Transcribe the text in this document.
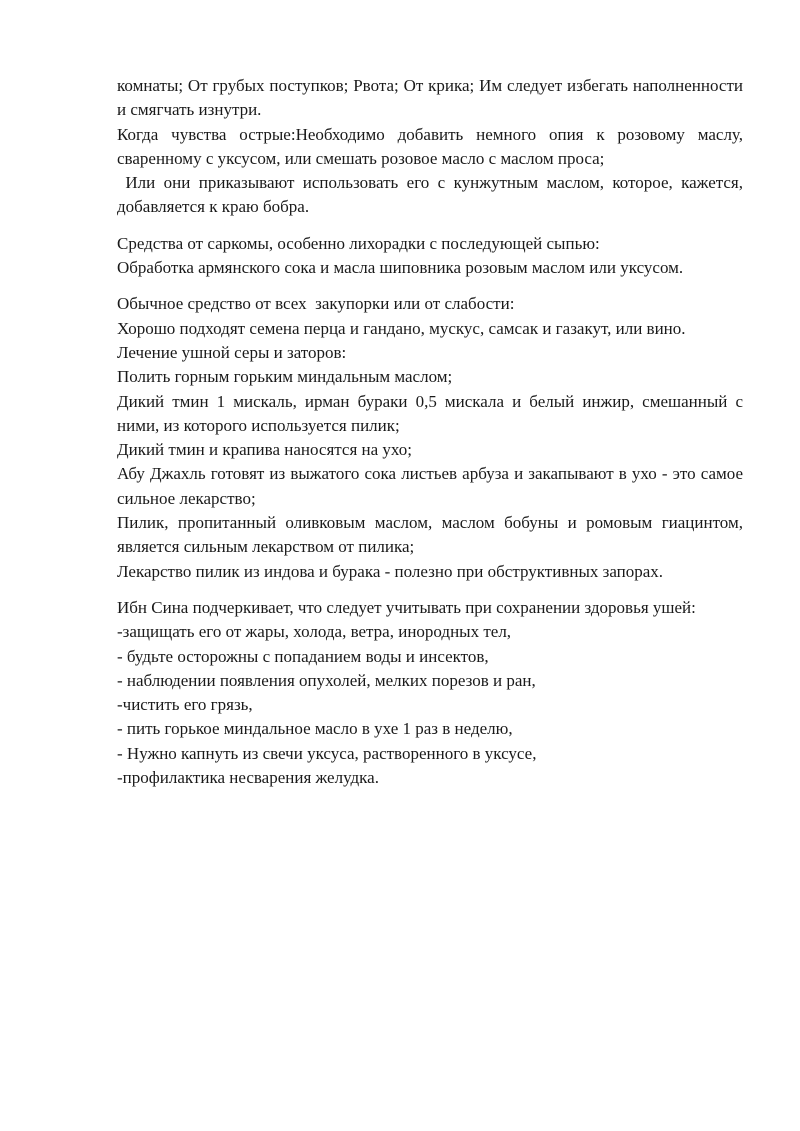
комнаты; От грубых поступков; Рвота; От крика; Им следует избегать наполненности и смягчать изнутри.

Когда чувства острые:Необходимо добавить немного опия к розовому маслу, сваренному с уксусом, или смешать розовое масло с маслом проса;

Или они приказывают использовать его с кунжутным маслом, которое, кажется, добавляется к краю бобра.

Средства от саркомы, особенно лихорадки с последующей сыпью:

Обработка армянского сока и масла шиповника розовым маслом или уксусом.

Обычное средство от всех  закупорки или от слабости:

Хорошо подходят семена перца и гандано, мускус, самсак и газакут, или вино.

Лечение ушной серы и заторов:

Полить горным горьким миндальным маслом;

Дикий тмин 1 мискаль, ирман бураки 0,5 мискала и белый инжир, смешанный с ними, из которого используется пилик;

Дикий тмин и крапива наносятся на ухо;

Абу Джахль готовят из выжатого сока листьев арбуза и закапывают в ухо - это самое сильное лекарство;

Пилик, пропитанный оливковым маслом, маслом бобуны и ромовым гиацинтом, является сильным лекарством от пилика;

Лекарство пилик из индова и бурака - полезно при обструктивных запорах.

Ибн Сина подчеркивает, что следует учитывать при сохранении здоровья ушей:

-защищать его от жары, холода, ветра, инородных тел,

- будьте осторожны с попаданием воды и инсектов,

- наблюдении появления опухолей, мелких порезов и ран,

-чистить его грязь,

- пить горькое миндальное масло в ухе 1 раз в неделю,

- Нужно капнуть из свечи уксуса, растворенного в уксусе,

-профилактика несварения желудка.
